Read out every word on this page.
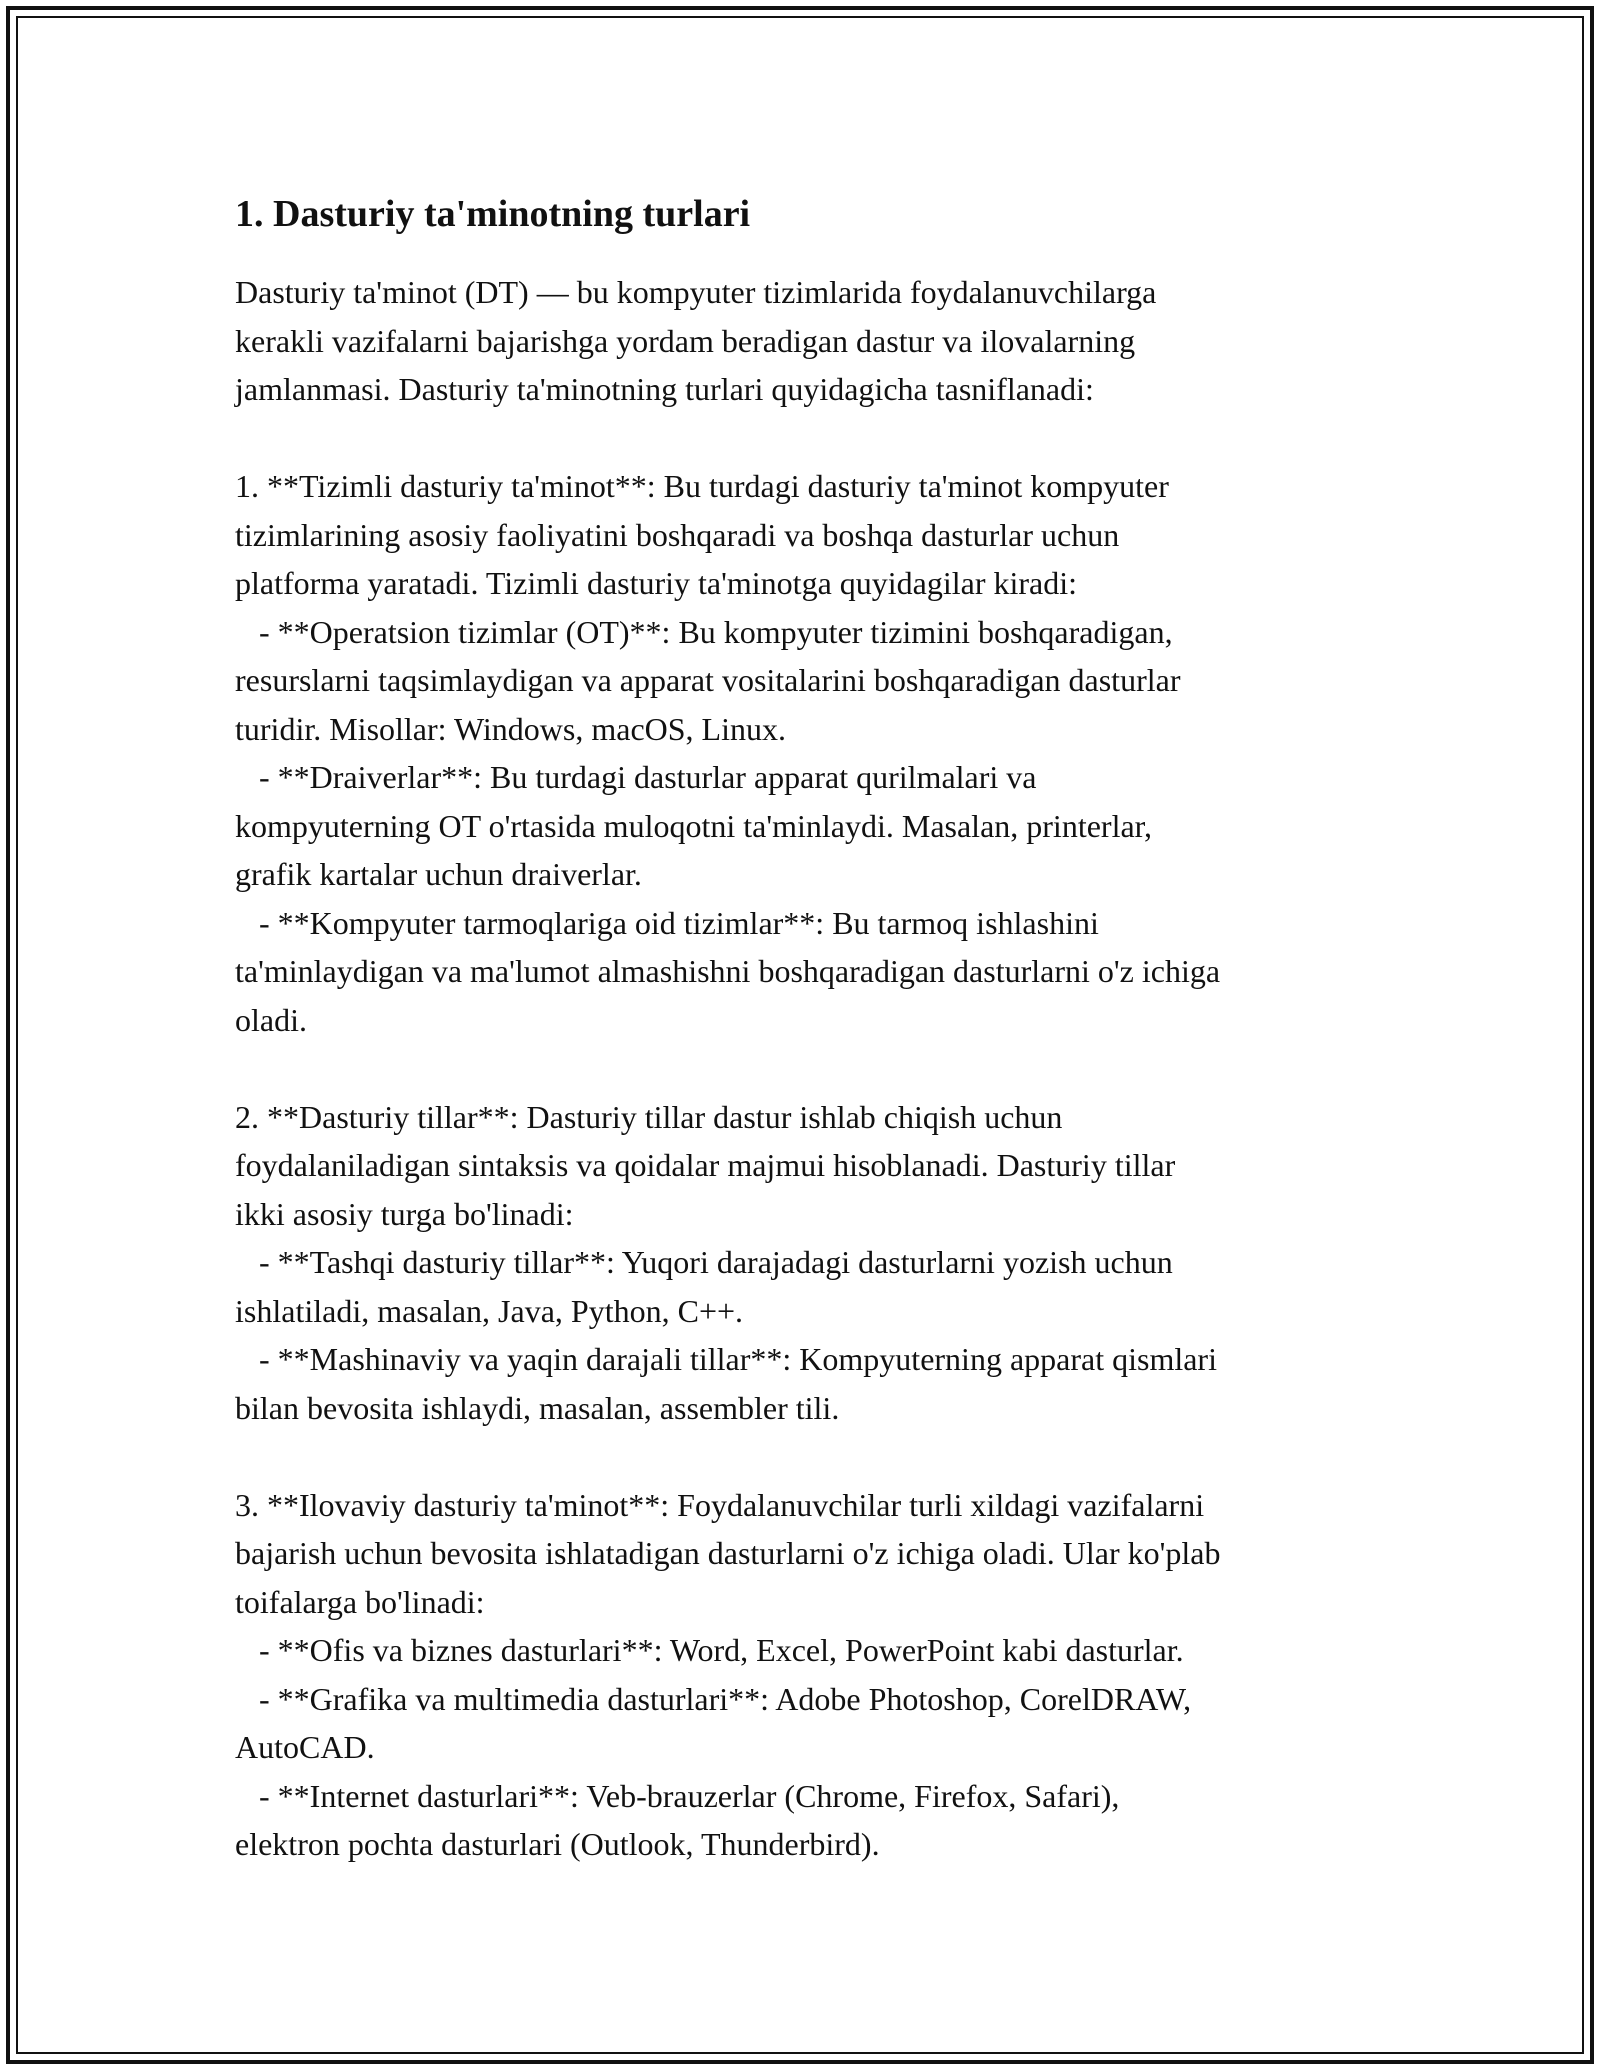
1. Dasturiy ta'minotning turlari
Dasturiy ta'minot (DT) — bu kompyuter tizimlarida foydalanuvchilarga
kerakli vazifalarni bajarishga yordam beradigan dastur va ilovalarning
jamlanmasi. Dasturiy ta'minotning turlari quyidagicha tasniflanadi:

1. **Tizimli dasturiy ta'minot**: Bu turdagi dasturiy ta'minot kompyuter
tizimlarining asosiy faoliyatini boshqaradi va boshqa dasturlar uchun
platforma yaratadi. Tizimli dasturiy ta'minotga quyidagilar kiradi:
- **Operatsion tizimlar (OT)**: Bu kompyuter tizimini boshqaradigan,
resurslarni taqsimlaydigan va apparat vositalarini boshqaradigan dasturlar
turidir. Misollar: Windows, macOS, Linux.
- **Draiverlar**: Bu turdagi dasturlar apparat qurilmalari va
kompyuterning OT o'rtasida muloqotni ta'minlaydi. Masalan, printerlar,
grafik kartalar uchun draiverlar.
- **Kompyuter tarmoqlariga oid tizimlar**: Bu tarmoq ishlashini
ta'minlaydigan va ma'lumot almashishni boshqaradigan dasturlarni o'z ichiga
oladi.

2. **Dasturiy tillar**: Dasturiy tillar dastur ishlab chiqish uchun
foydalaniladigan sintaksis va qoidalar majmui hisoblanadi. Dasturiy tillar
ikki asosiy turga bo'linadi:
- **Tashqi dasturiy tillar**: Yuqori darajadagi dasturlarni yozish uchun
ishlatiladi, masalan, Java, Python, C++.
- **Mashinaviy va yaqin darajali tillar**: Kompyuterning apparat qismlari
bilan bevosita ishlaydi, masalan, assembler tili.

3. **Ilovaviy dasturiy ta'minot**: Foydalanuvchilar turli xildagi vazifalarni
bajarish uchun bevosita ishlatadigan dasturlarni o'z ichiga oladi. Ular ko'plab
toifalarga bo'linadi:
- **Ofis va biznes dasturlari**: Word, Excel, PowerPoint kabi dasturlar.
- **Grafika va multimedia dasturlari**: Adobe Photoshop, CorelDRAW,
AutoCAD.
- **Internet dasturlari**: Veb-brauzerlar (Chrome, Firefox, Safari),
elektron pochta dasturlari (Outlook, Thunderbird).
